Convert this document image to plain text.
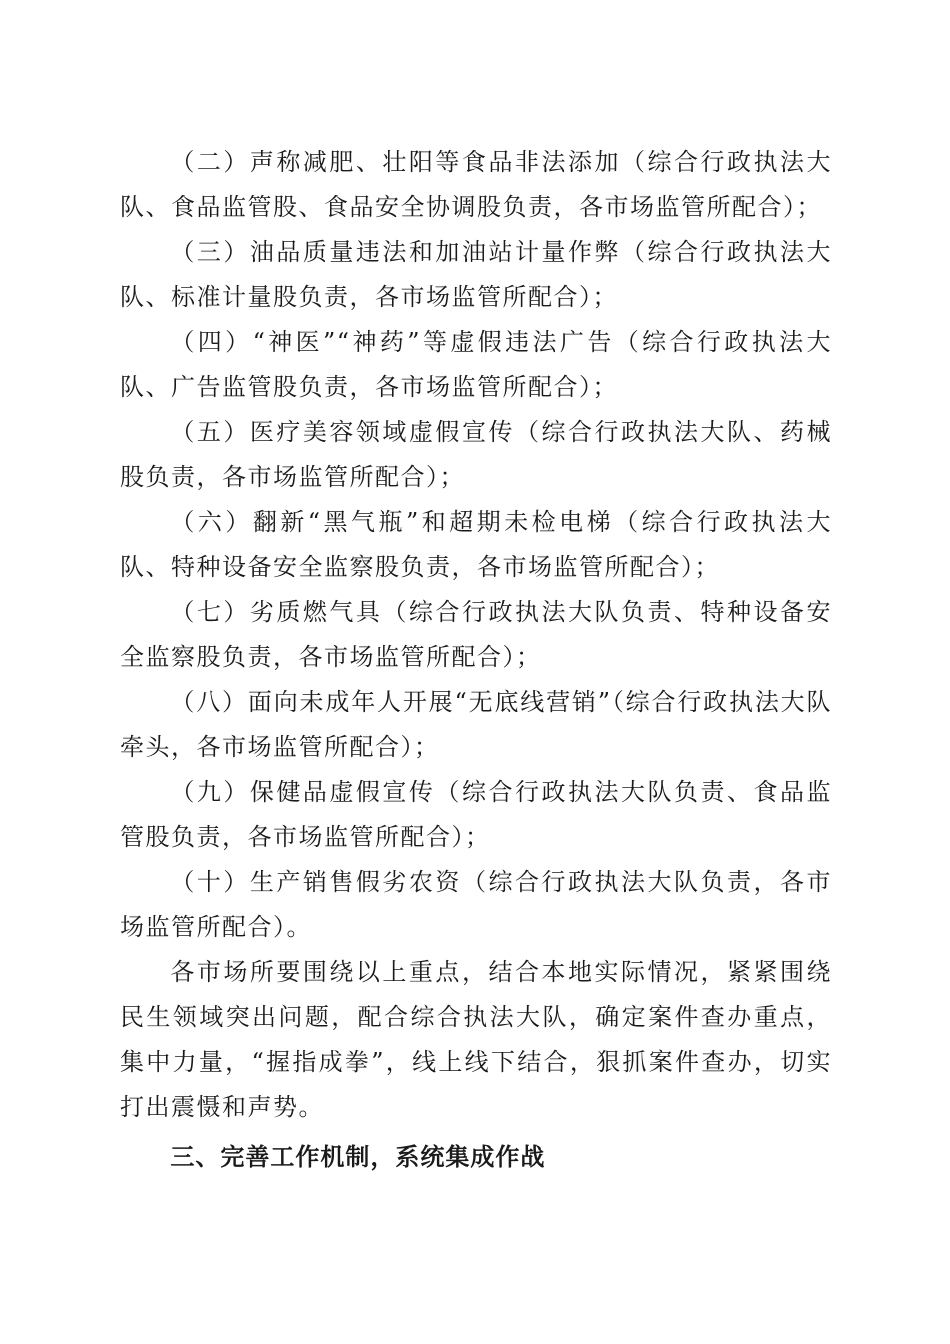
（二）声称减肥、壮阳等食品非法添加（综合行政执法大队、食品监管股、食品安全协调股负责，各市场监管所配合）；

（三）油品质量违法和加油站计量作弊（综合行政执法大队、标准计量股负责，各市场监管所配合）；

（四）“神医”“神药”等虚假违法广告（综合行政执法大队、广告监管股负责，各市场监管所配合）；

（五）医疗美容领域虚假宣传（综合行政执法大队、药械股负责，各市场监管所配合）；

（六）翻新“黑气瓶”和超期未检电梯（综合行政执法大队、特种设备安全监察股负责，各市场监管所配合）；

（七）劣质燃气具（综合行政执法大队负责、特种设备安全监察股负责，各市场监管所配合）；

（八）面向未成年人开展“无底线营销”（综合行政执法大队牵头，各市场监管所配合）；

（九）保健品虚假宣传（综合行政执法大队负责、食品监管股负责，各市场监管所配合）；

（十）生产销售假劣农资（综合行政执法大队负责，各市场监管所配合）。

各市场所要围绕以上重点，结合本地实际情况，紧紧围绕民生领域突出问题，配合综合执法大队，确定案件查办重点，集中力量，“握指成拳”，线上线下结合，狠抓案件查办，切实打出震慑和声势。

三、完善工作机制，系统集成作战
